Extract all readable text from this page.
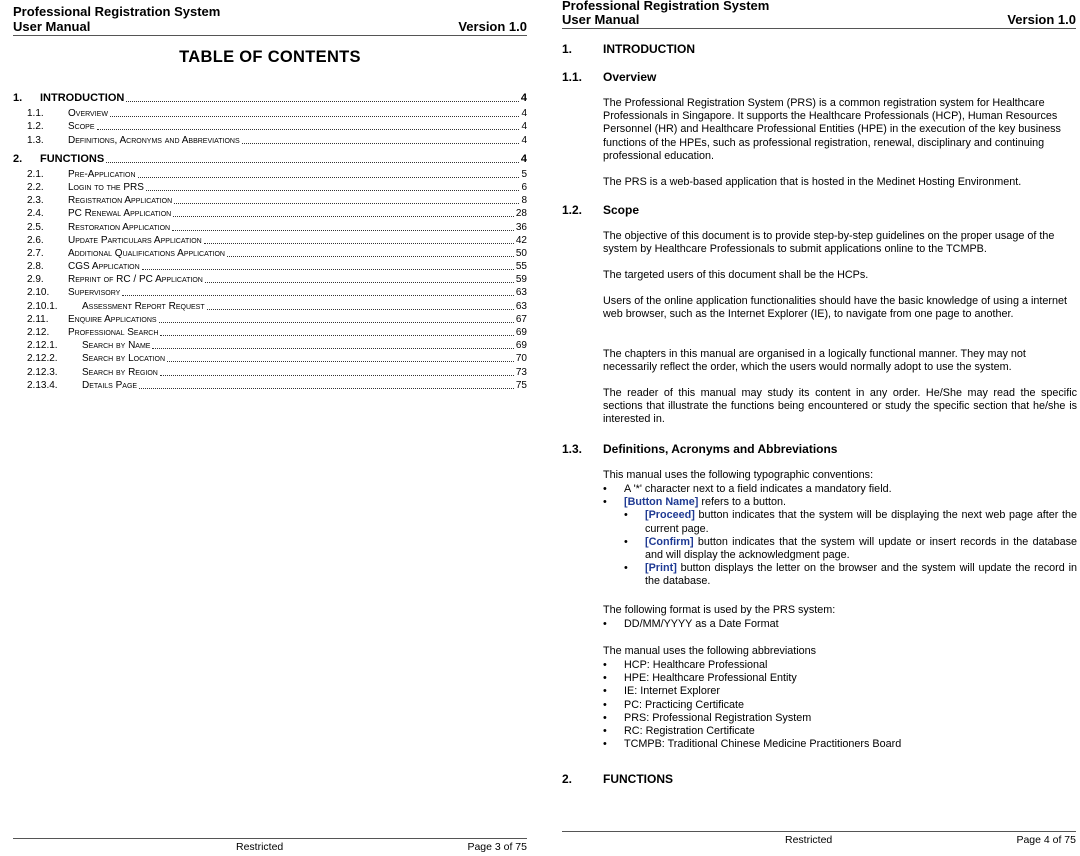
Professional Registration System
User Manual	Version 1.0
TABLE OF CONTENTS
1.	INTRODUCTION	4
1.1.	Overview	4
1.2.	Scope	4
1.3.	Definitions, Acronyms and Abbreviations	4
2.	FUNCTIONS	4
2.1.	Pre-Application	5
2.2.	Login to the PRS	6
2.3.	Registration Application	8
2.4.	PC Renewal Application	28
2.5.	Restoration Application	36
2.6.	Update Particulars Application	42
2.7.	Additional Qualifications Application	50
2.8.	CGS Application	55
2.9.	Reprint of RC / PC Application	59
2.10.	Supervisory	63
2.10.1.	Assessment Report Request	63
2.11.	Enquire Applications	67
2.12.	Professional Search	69
2.12.1.	Search by Name	69
2.12.2.	Search by Location	70
2.12.3.	Search by Region	73
2.13.4.	Details Page	75
Restricted	Page 3 of 75
Professional Registration System
User Manual	Version 1.0
1.	INTRODUCTION
1.1. Overview
The Professional Registration System (PRS) is a common registration system for Healthcare Professionals in Singapore. It supports the Healthcare Professionals (HCP), Human Resources Personnel (HR) and Healthcare Professional Entities (HPE) in the execution of the key business functions of the HPEs, such as professional registration, renewal, disciplinary and continuing professional education.
The PRS is a web-based application that is hosted in the Medinet Hosting Environment.
1.2. Scope
The objective of this document is to provide step-by-step guidelines on the proper usage of the system by Healthcare Professionals to submit applications online to the TCMPB.
The targeted users of this document shall be the HCPs.
Users of the online application functionalities should have the basic knowledge of using a internet web browser, such as the Internet Explorer (IE), to navigate from one page to another.
The chapters in this manual are organised in a logically functional manner. They may not necessarily reflect the order, which the users would normally adopt to use the system.
The reader of this manual may study its content in any order. He/She may read the specific sections that illustrate the functions being encountered or study the specific section that he/she is interested in.
1.3. Definitions, Acronyms and Abbreviations
This manual uses the following typographic conventions:
• A '*' character next to a field indicates a mandatory field.
• [Button Name] refers to a button.
• [Proceed] button indicates that the system will be displaying the next web page after the current page.
• [Confirm] button indicates that the system will update or insert records in the database and will display the acknowledgment page.
• [Print] button displays the letter on the browser and the system will update the record in the database.
The following format is used by the PRS system:
• DD/MM/YYYY as a Date Format
The manual uses the following abbreviations
• HCP: Healthcare Professional
• HPE: Healthcare Professional Entity
• IE: Internet Explorer
• PC: Practicing Certificate
• PRS: Professional Registration System
• RC: Registration Certificate
• TCMPB: Traditional Chinese Medicine Practitioners Board
2.	FUNCTIONS
Restricted	Page 4 of 75
